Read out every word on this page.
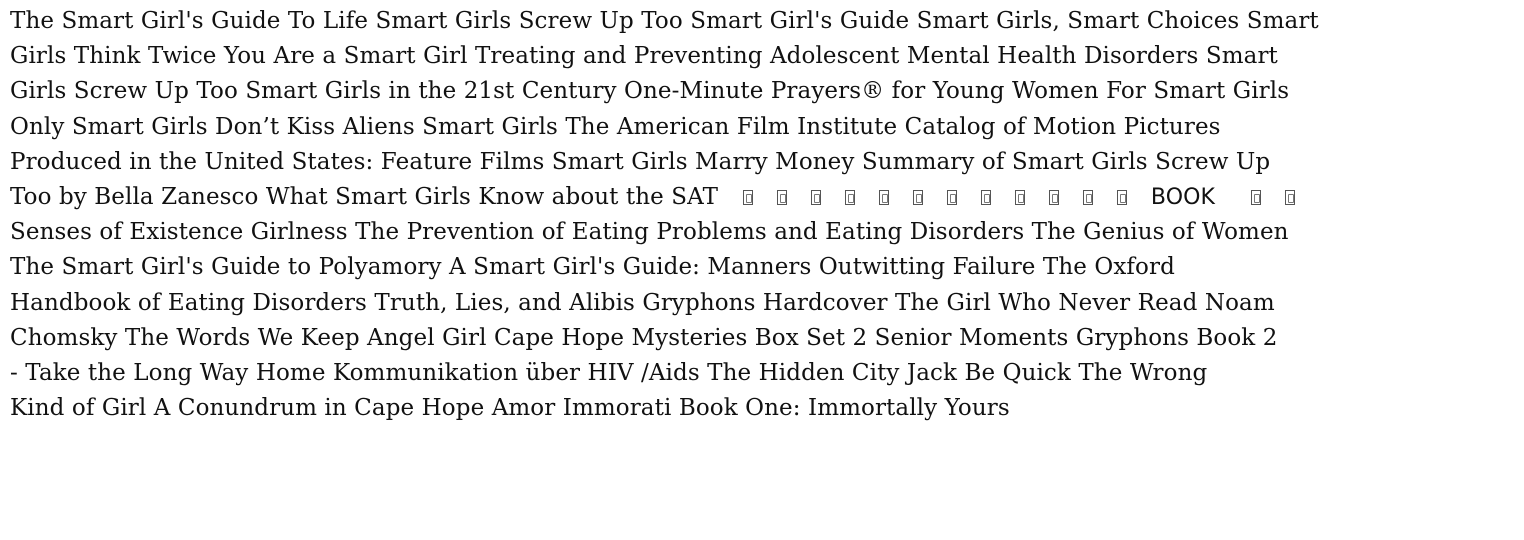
The Smart Girl's Guide To Life Smart Girls Screw Up Too Smart Girl's Guide Smart Girls, Smart Choices Smart
Girls Think Twice You Are a Smart Girl Treating and Preventing Adolescent Mental Health Disorders Smart
Girls Screw Up Too Smart Girls in the 21st Century One-Minute Prayers® for Young Women For Smart Girls
Only Smart Girls Don’t Kiss Aliens Smart Girls The American Film Institute Catalog of Motion Pictures
Produced in the United States: Feature Films Smart Girls Marry Money Summary of Smart Girls Screw Up
Too by Bella Zanesco What Smart Girls Know about the SAT	BOOK
Senses of Existence Girlness The Prevention of Eating Problems and Eating Disorders The Genius of Women
The Smart Girl's Guide to Polyamory A Smart Girl's Guide: Manners Outwitting Failure The Oxford
Handbook of Eating Disorders Truth, Lies, and Alibis Gryphons Hardcover The Girl Who Never Read Noam
Chomsky The Words We Keep Angel Girl Cape Hope Mysteries Box Set 2 Senior Moments Gryphons Book 2
- Take the Long Way Home Kommunikation über HIV /Aids The Hidden City Jack Be Quick The Wrong
Kind of Girl A Conundrum in Cape Hope Amor Immorati Book One: Immortally Yours
